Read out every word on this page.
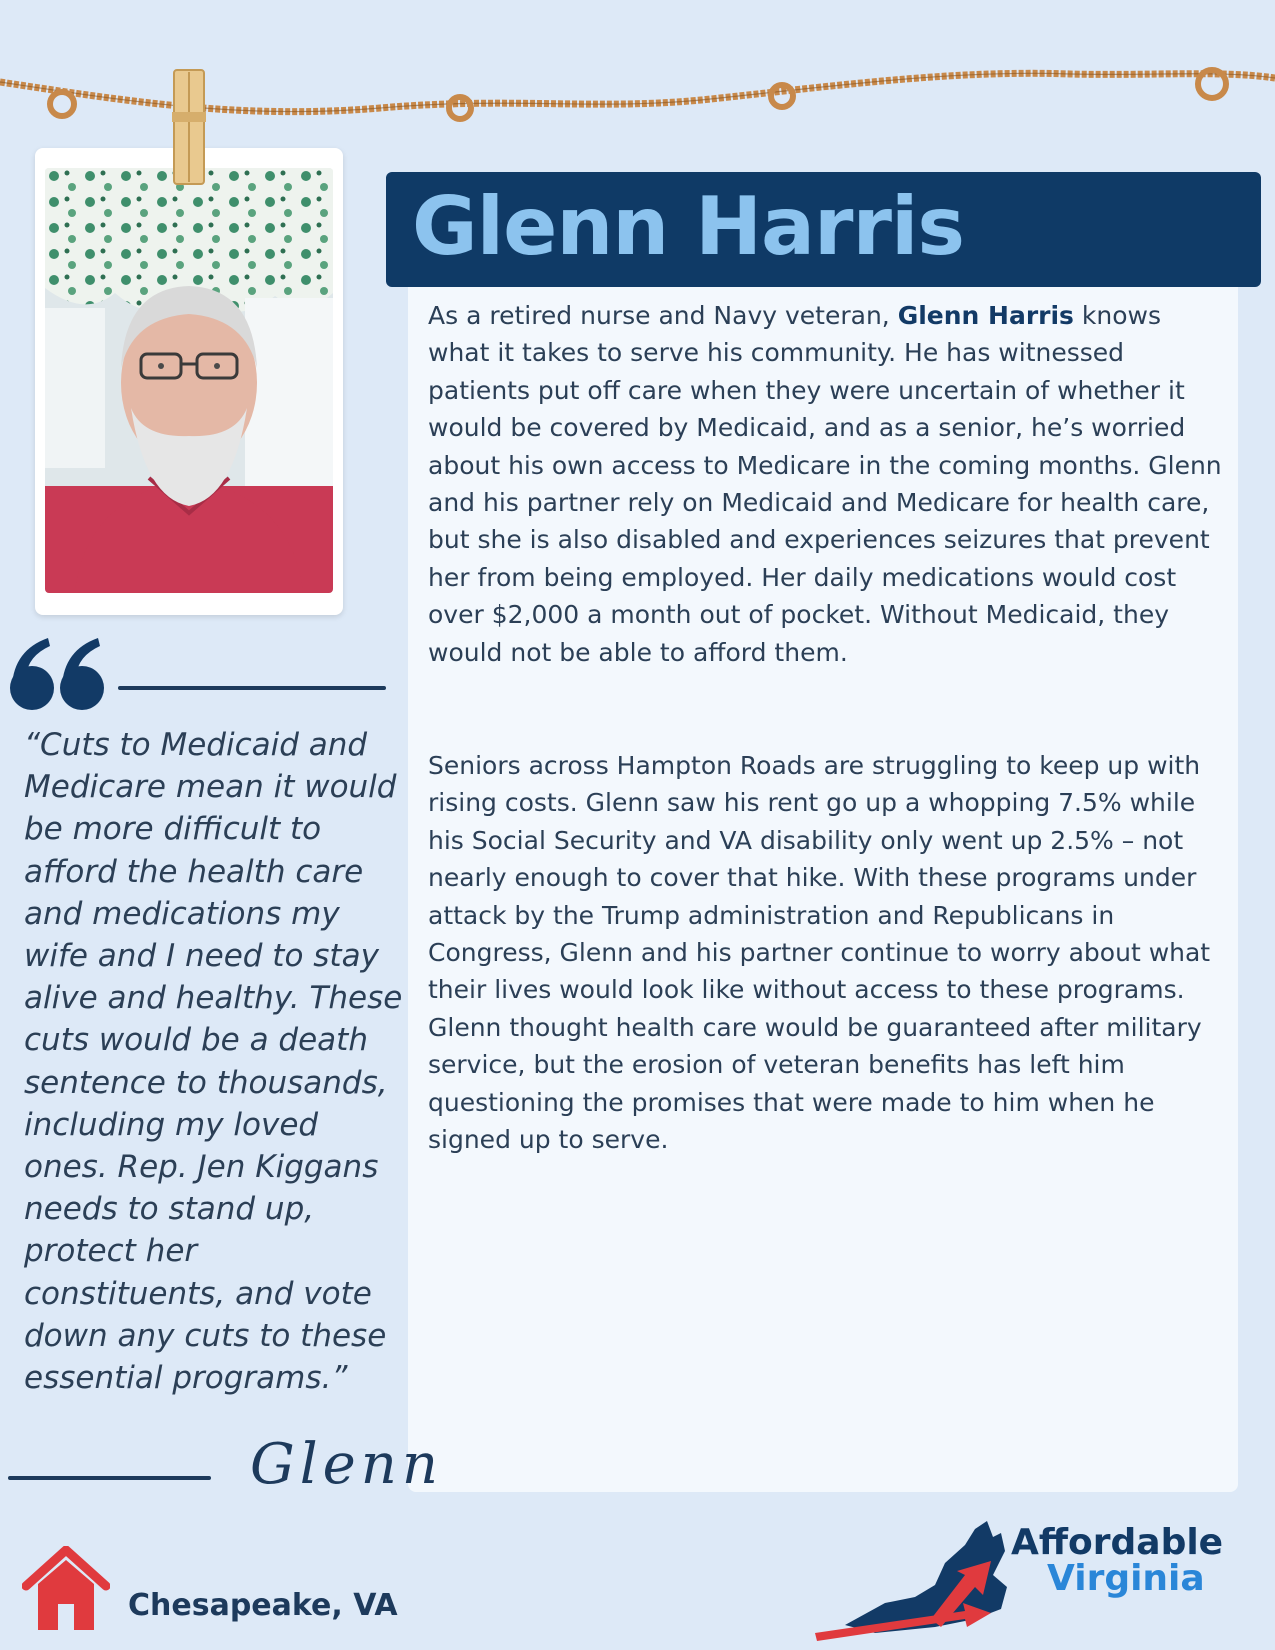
Glenn Harris

As a retired nurse and Navy veteran, Glenn Harris knows what it takes to serve his community. He has witnessed patients put off care when they were uncertain of whether it would be covered by Medicaid, and as a senior, he’s worried about his own access to Medicare in the coming months. Glenn and his partner rely on Medicaid and Medicare for health care, but she is also disabled and experiences seizures that prevent her from being employed. Her daily medications would cost over $2,000 a month out of pocket. Without Medicaid, they would not be able to afford them.

Seniors across Hampton Roads are struggling to keep up with rising costs. Glenn saw his rent go up a whopping 7.5% while his Social Security and VA disability only went up 2.5% – not nearly enough to cover that hike. With these programs under attack by the Trump administration and Republicans in Congress, Glenn and his partner continue to worry about what their lives would look like without access to these programs. Glenn thought health care would be guaranteed after military service, but the erosion of veteran benefits has left him questioning the promises that were made to him when he signed up to serve.

“Cuts to Medicaid and Medicare mean it would be more difficult to afford the health care and medications my wife and I need to stay alive and healthy. These cuts would be a death sentence to thousands, including my loved ones. Rep. Jen Kiggans needs to stand up, protect her constituents, and vote down any cuts to these essential programs.”

Glenn
Chesapeake, VA
Affordable
Virginia
